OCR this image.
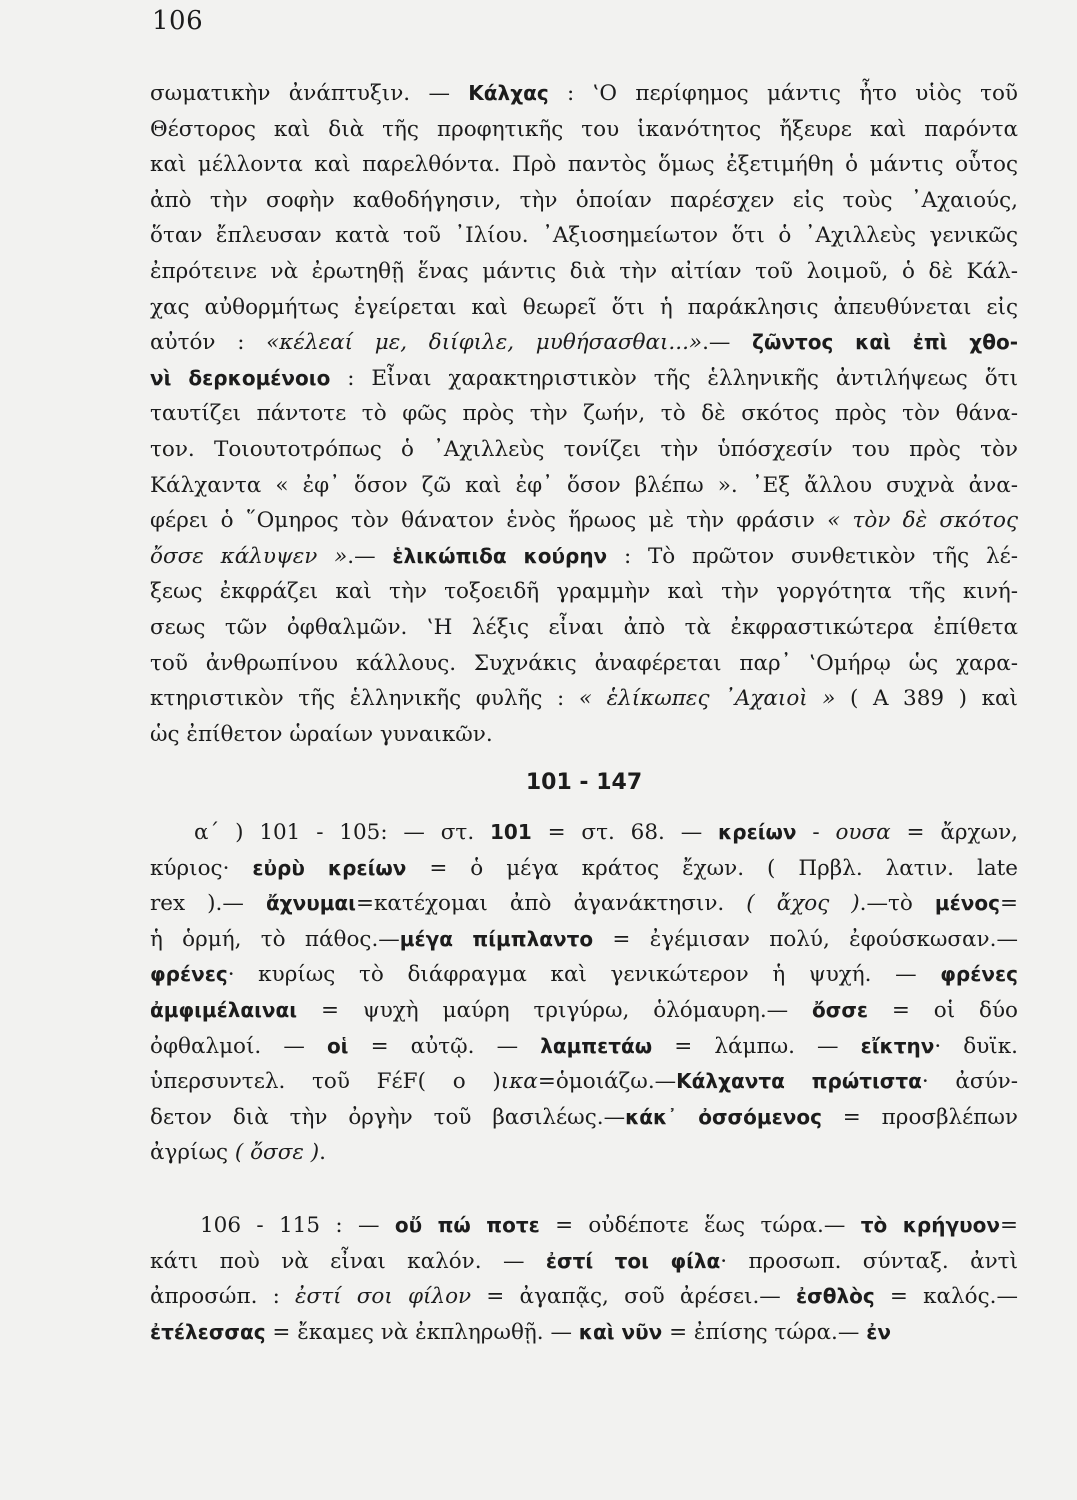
106
σωματικὴν ἀνάπτυξιν. — Κάλχας : ‛Ο περίφημος μάντις ἦτο υἱὸς τοῦ
Θέστορος καὶ διὰ τῆς προφητικῆς του ἱκανότητος ἤξευρε καὶ παρόντα
καὶ μέλλοντα καὶ παρελθόντα. Πρὸ παντὸς ὅμως ἐξετιμήθη ὁ μάντις οὗτος
ἀπὸ τὴν σοφὴν καθοδήγησιν, τὴν ὁποίαν παρέσχεν εἰς τοὺς ᾿Αχαιούς,
ὅταν ἔπλευσαν κατὰ τοῦ ᾿Ιλίου. ᾿Αξιοσημείωτον ὅτι ὁ ᾿Αχιλλεὺς γενικῶς
ἐπρότεινε νὰ ἐρωτηθῇ ἕνας μάντις διὰ τὴν αἰτίαν τοῦ λοιμοῦ, ὁ δὲ Κάλ-
χας αὐθορμήτως ἐγείρεται καὶ θεωρεῖ ὅτι ἡ παράκλησις ἀπευθύνεται εἰς
αὐτόν : «κέλεαί με, διίφιλε, μυθήσασθαι...».— ζῶντος καὶ ἐπὶ χθο-
νὶ δερκομένοιο : Εἶναι χαρακτηριστικὸν τῆς ἑλληνικῆς ἀντιλήψεως ὅτι
ταυτίζει πάντοτε τὸ φῶς πρὸς τὴν ζωήν, τὸ δὲ σκότος πρὸς τὸν θάνα-
τον. Τοιουτοτρόπως ὁ ᾿Αχιλλεὺς τονίζει τὴν ὑπόσχεσίν του πρὸς τὸν
Κάλχαντα « ἐφ᾿ ὅσον ζῶ καὶ ἐφ᾿ ὅσον βλέπω ». ᾿Εξ ἄλλου συχνὰ ἀνα-
φέρει ὁ ῞Ομηρος τὸν θάνατον ἑνὸς ἥρωος μὲ τὴν φράσιν « τὸν δὲ σκότος
ὄσσε κάλυψεν ».— ἑλικώπιδα κούρην : Τὸ πρῶτον συνθετικὸν τῆς λέ-
ξεως ἐκφράζει καὶ τὴν τοξοειδῆ γραμμὴν καὶ τὴν γοργότητα τῆς κινή-
σεως τῶν ὀφθαλμῶν. ‛Η λέξις εἶναι ἀπὸ τὰ ἐκφραστικώτερα ἐπίθετα
τοῦ ἀνθρωπίνου κάλλους. Συχνάκις ἀναφέρεται παρ᾿ ‛Ομήρῳ ὡς χαρα-
κτηριστικὸν τῆς ἑλληνικῆς φυλῆς : « ἑλίκωπες ᾿Αχαιοὶ » ( Α 389 ) καὶ
ὡς ἐπίθετον ὡραίων γυναικῶν.
101 - 147
α΄ ) 101 - 105: — στ. 101 = στ. 68. — κρείων - ουσα = ἄρχων,
κύριος· εὐρὺ κρείων = ὁ μέγα κράτος ἔχων. ( Πρβλ. λατιν. late
rex ).— ἄχνυμαι=κατέχομαι ἀπὸ ἀγανάκτησιν. ( ἄχος ).—τὸ μένος=
ἡ ὁρμή, τὸ πάθος.—μέγα πίμπλαντο = ἐγέμισαν πολύ, ἐφούσκωσαν.—
φρένες· κυρίως τὸ διάφραγμα καὶ γενικώτερον ἡ ψυχή. — φρένες
ἀμφιμέλαιναι = ψυχὴ μαύρη τριγύρω, ὁλόμαυρη.— ὄσσε = οἱ δύο
ὀφθαλμοί. — οἱ = αὐτῷ. — λαμπετάω = λάμπω. — εἴκτην· δυϊκ.
ὑπερσυντελ. τοῦ FέF( ο )ικα=ὁμοιάζω.—Κάλχαντα πρώτιστα· ἀσύν-
δετον διὰ τὴν ὀργὴν τοῦ βασιλέως.—κάκ᾿ ὀσσόμενος = προσβλέπων
ἀγρίως ( ὄσσε ).
106 - 115 : — οὔ πώ ποτε = οὐδέποτε ἕως τώρα.— τὸ κρήγυον=
κάτι ποὺ νὰ εἶναι καλόν. — ἐστί τοι φίλα· προσωπ. σύνταξ. ἀντὶ
ἀπροσώπ. : ἐστί σοι φίλον = ἀγαπᾷς, σοῦ ἀρέσει.— ἐσθλὸς = καλός.—
ἐτέλεσσας = ἔκαμες νὰ ἐκπληρωθῇ. — καὶ νῦν = ἐπίσης τώρα.— ἐν
